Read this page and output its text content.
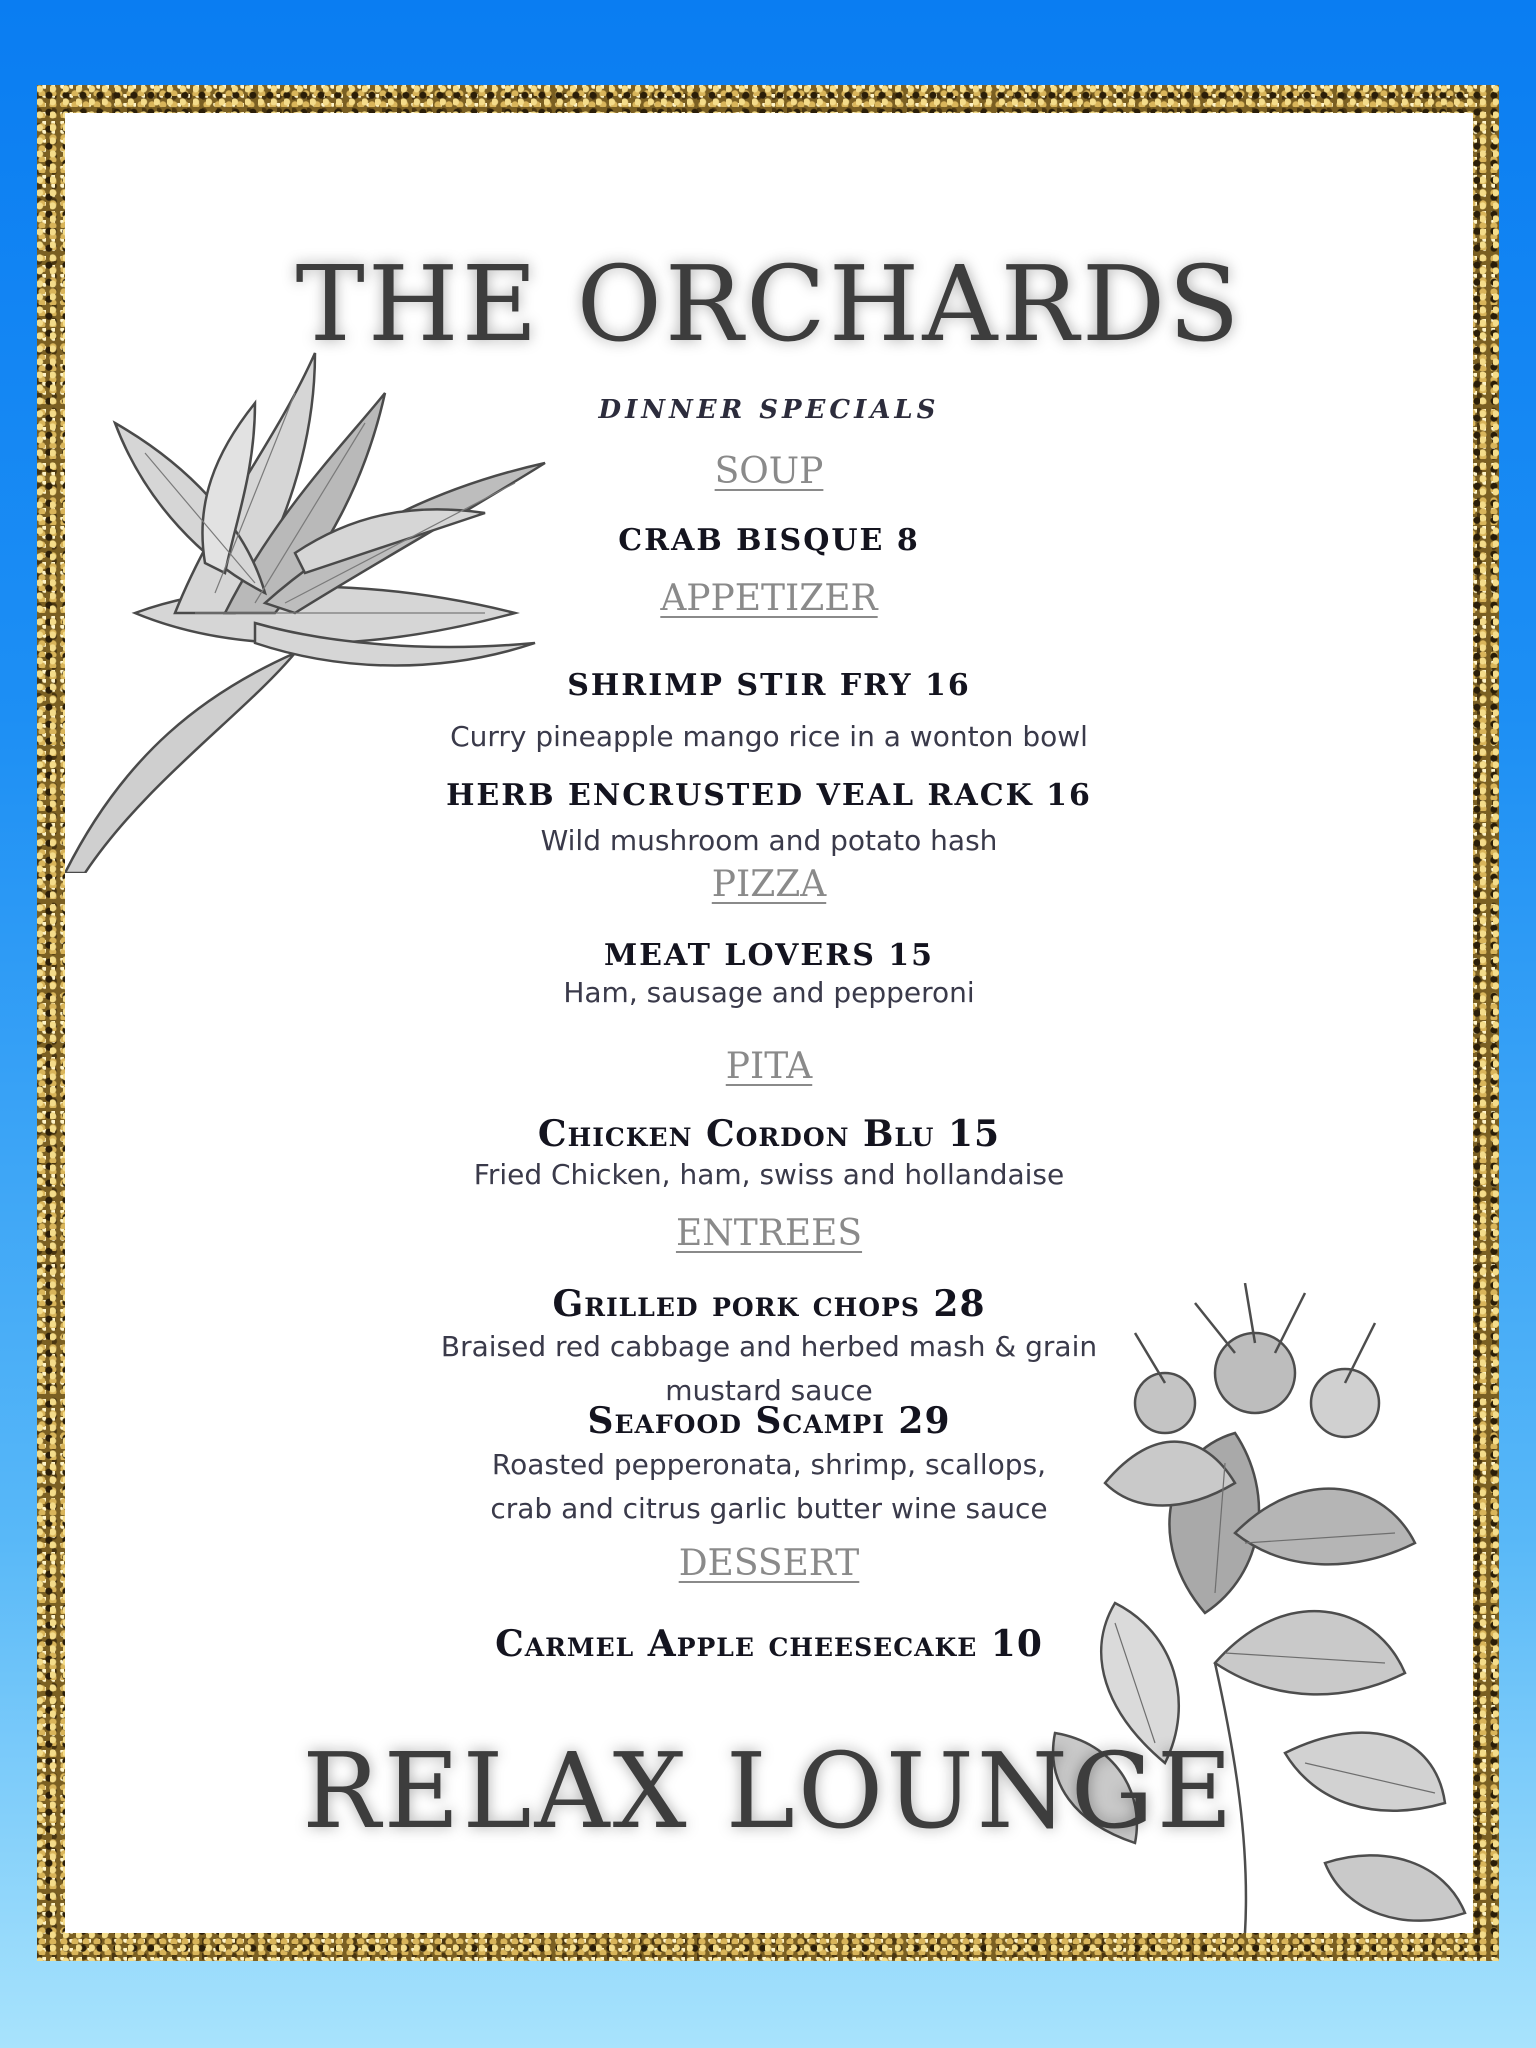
THE ORCHARDS
DINNER SPECIALS
SOUP
CRAB BISQUE 8
APPETIZER
SHRIMP STIR FRY 16
Curry pineapple mango rice in a wonton bowl
HERB ENCRUSTED VEAL RACK 16
Wild mushroom and potato hash
PIZZA
MEAT LOVERS 15
Ham, sausage and pepperoni
PITA
Chicken Cordon Blu 15
Fried Chicken, ham, swiss and hollandaise
ENTREES
Grilled pork chops 28
Braised red cabbage and herbed mash & grain
mustard sauce
Seafood Scampi 29
Roasted pepperonata, shrimp, scallops,
crab and citrus garlic butter wine sauce
DESSERT
Carmel Apple cheesecake 10
RELAX LOUNGE
